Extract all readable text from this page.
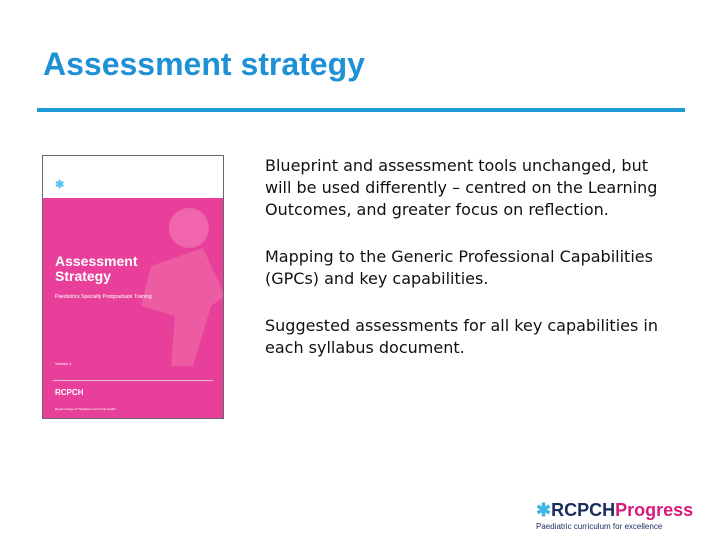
Assessment strategy
✱RCPCH Progress
Paediatric curriculum for excellence
Assessment Strategy
Paediatrics Specialty Postgraduate Training
Version 1
RCPCH
Royal College of Paediatrics and Child Health
Blueprint and assessment tools unchanged, but will be used differently – centred on the Learning Outcomes, and greater focus on reflection.
Mapping to the Generic Professional Capabilities (GPCs) and key capabilities.
Suggested assessments for all key capabilities in each syllabus document.
✱RCPCHProgress
Paediatric curriculum for excellence
